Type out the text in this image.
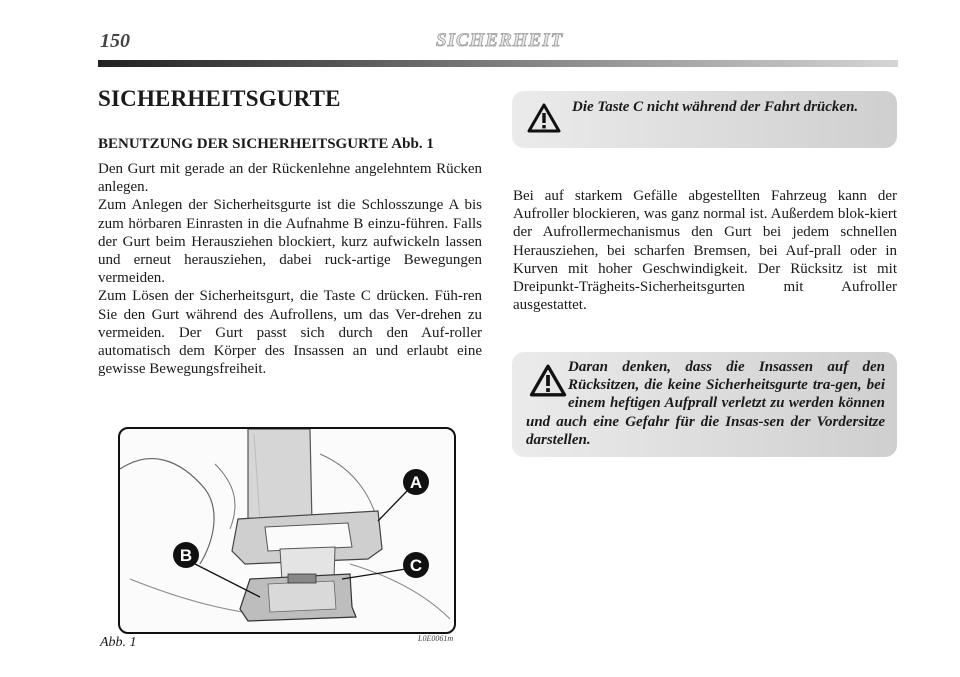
150	SICHERHEIT
SICHERHEITSGURTE
BENUTZUNG DER SICHERHEITSGURTE Abb. 1

Den Gurt mit gerade an der Rückenlehne angelehntem Rücken anlegen.

Zum Anlegen der Sicherheitsgurte ist die Schlosszunge A bis zum hörbaren Einrasten in die Aufnahme B einzu-führen. Falls der Gurt beim Herausziehen blockiert, kurz aufwickeln lassen und erneut herausziehen, dabei ruck-artige Bewegungen vermeiden.

Zum Lösen der Sicherheitsgurt, die Taste C drücken. Füh-ren Sie den Gurt während des Aufrollens, um das Ver-drehen zu vermeiden. Der Gurt passt sich durch den Auf-roller automatisch dem Körper des Insassen an und erlaubt eine gewisse Bewegungsfreiheit.

A
B
C
Abb. 1	L0E0061m
Die Taste C nicht während der Fahrt drücken.

Bei auf starkem Gefälle abgestellten Fahrzeug kann der Aufroller blockieren, was ganz normal ist. Außerdem blok-kiert der Aufrollermechanismus den Gurt bei jedem schnellen Herausziehen, bei scharfen Bremsen, bei Auf-prall oder in Kurven mit hoher Geschwindigkeit. Der Rücksitz ist mit Dreipunkt-Trägheits-Sicherheitsgurten mit Aufroller ausgestattet.

Daran denken, dass die Insassen auf den Rücksitzen, die keine Sicherheitsgurte tra-gen, bei einem heftigen Aufprall verletzt zu werden können und auch eine Gefahr für die Insas-sen der Vordersitze darstellen.
